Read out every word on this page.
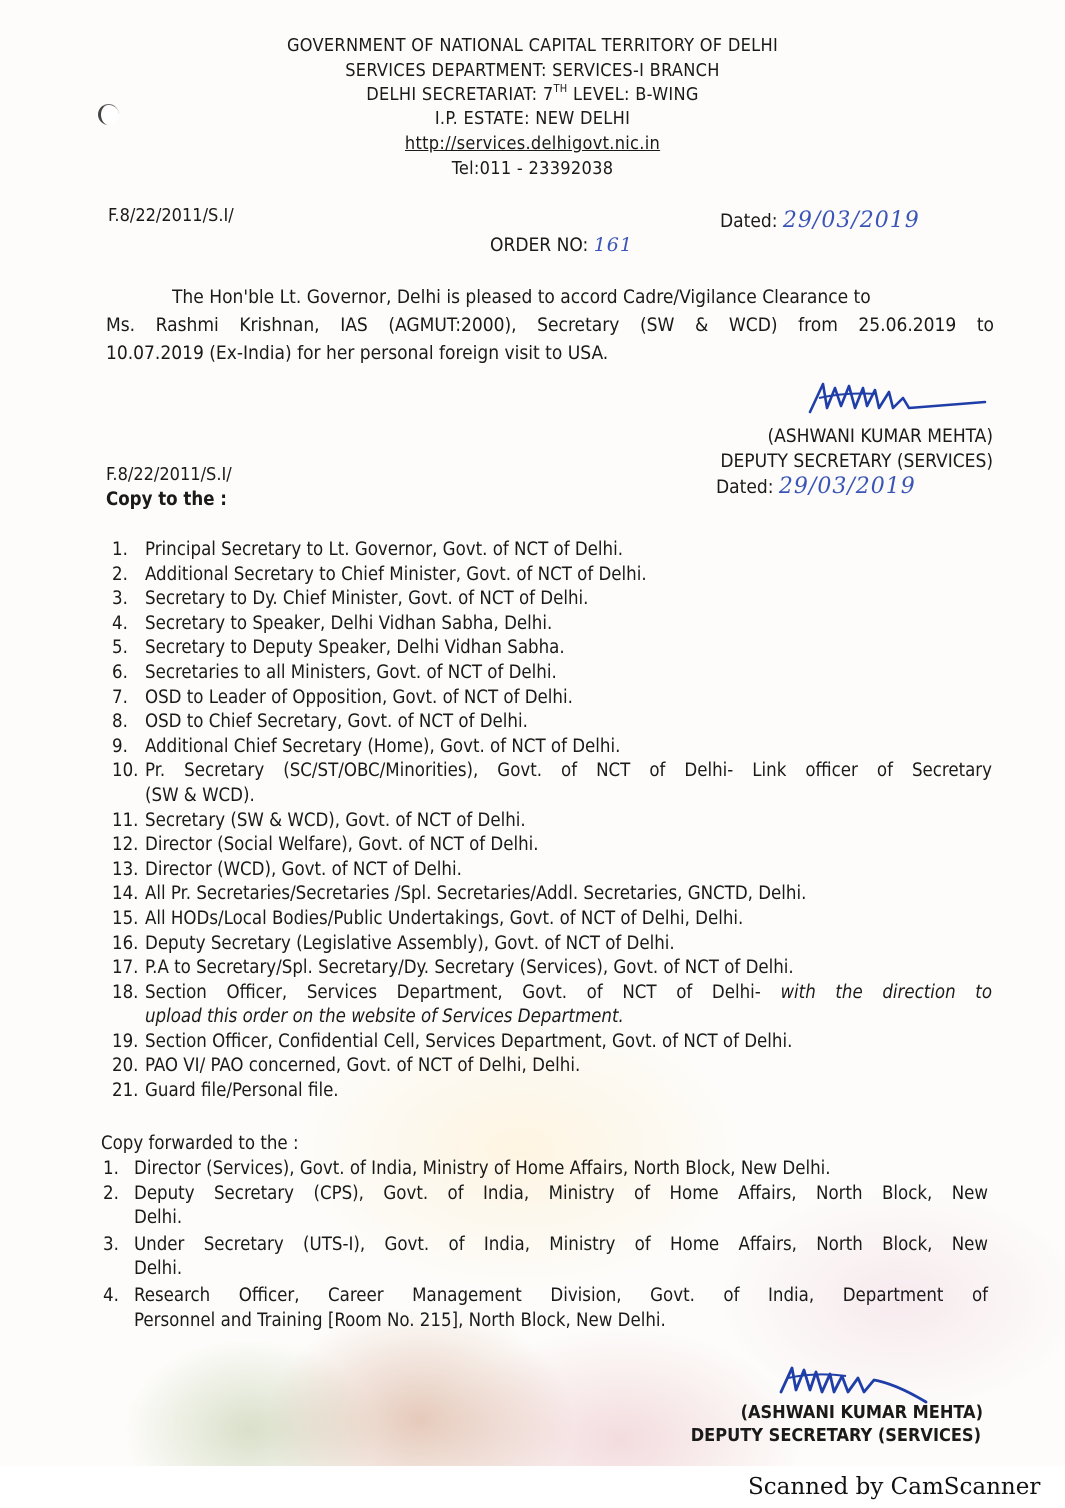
GOVERNMENT OF NATIONAL CAPITAL TERRITORY OF DELHI
SERVICES DEPARTMENT: SERVICES-I BRANCH
DELHI SECRETARIAT: 7TH LEVEL: B-WING
I.P. ESTATE: NEW DELHI
http://services.delhigovt.nic.in
Tel:011 - 23392038
F.8/22/2011/S.I/	Dated: 29/03/2019
ORDER NO: 161
The Hon'ble Lt. Governor, Delhi is pleased to accord Cadre/Vigilance Clearance to
Ms. Rashmi Krishnan, IAS (AGMUT:2000), Secretary (SW & WCD) from 25.06.2019 to
10.07.2019 (Ex-India) for her personal foreign visit to USA.
(ASHWANI KUMAR MEHTA)
DEPUTY SECRETARY (SERVICES)
Dated: 29/03/2019
F.8/22/2011/S.I/
Copy to the :
1. Principal Secretary to Lt. Governor, Govt. of NCT of Delhi.
2. Additional Secretary to Chief Minister, Govt. of NCT of Delhi.
3. Secretary to Dy. Chief Minister, Govt. of NCT of Delhi.
4. Secretary to Speaker, Delhi Vidhan Sabha, Delhi.
5. Secretary to Deputy Speaker, Delhi Vidhan Sabha.
6. Secretaries to all Ministers, Govt. of NCT of Delhi.
7. OSD to Leader of Opposition, Govt. of NCT of Delhi.
8. OSD to Chief Secretary, Govt. of NCT of Delhi.
9. Additional Chief Secretary (Home), Govt. of NCT of Delhi.
10. Pr. Secretary (SC/ST/OBC/Minorities), Govt. of NCT of Delhi- Link officer of Secretary
(SW & WCD).
11. Secretary (SW & WCD), Govt. of NCT of Delhi.
12. Director (Social Welfare), Govt. of NCT of Delhi.
13. Director (WCD), Govt. of NCT of Delhi.
14. All Pr. Secretaries/Secretaries /Spl. Secretaries/Addl. Secretaries, GNCTD, Delhi.
15. All HODs/Local Bodies/Public Undertakings, Govt. of NCT of Delhi, Delhi.
16. Deputy Secretary (Legislative Assembly), Govt. of NCT of Delhi.
17. P.A to Secretary/Spl. Secretary/Dy. Secretary (Services), Govt. of NCT of Delhi.
18. Section Officer, Services Department, Govt. of NCT of Delhi- with the direction to
upload this order on the website of Services Department.
19. Section Officer, Confidential Cell, Services Department, Govt. of NCT of Delhi.
20. PAO VI/ PAO concerned, Govt. of NCT of Delhi, Delhi.
21. Guard file/Personal file.
Copy forwarded to the :
1. Director (Services), Govt. of India, Ministry of Home Affairs, North Block, New Delhi.
2. Deputy Secretary (CPS), Govt. of India, Ministry of Home Affairs, North Block, New
Delhi.
3. Under Secretary (UTS-I), Govt. of India, Ministry of Home Affairs, North Block, New
Delhi.
4. Research Officer, Career Management Division, Govt. of India, Department of
Personnel and Training [Room No. 215], North Block, New Delhi.
(ASHWANI KUMAR MEHTA)
DEPUTY SECRETARY (SERVICES)
Scanned by CamScanner
